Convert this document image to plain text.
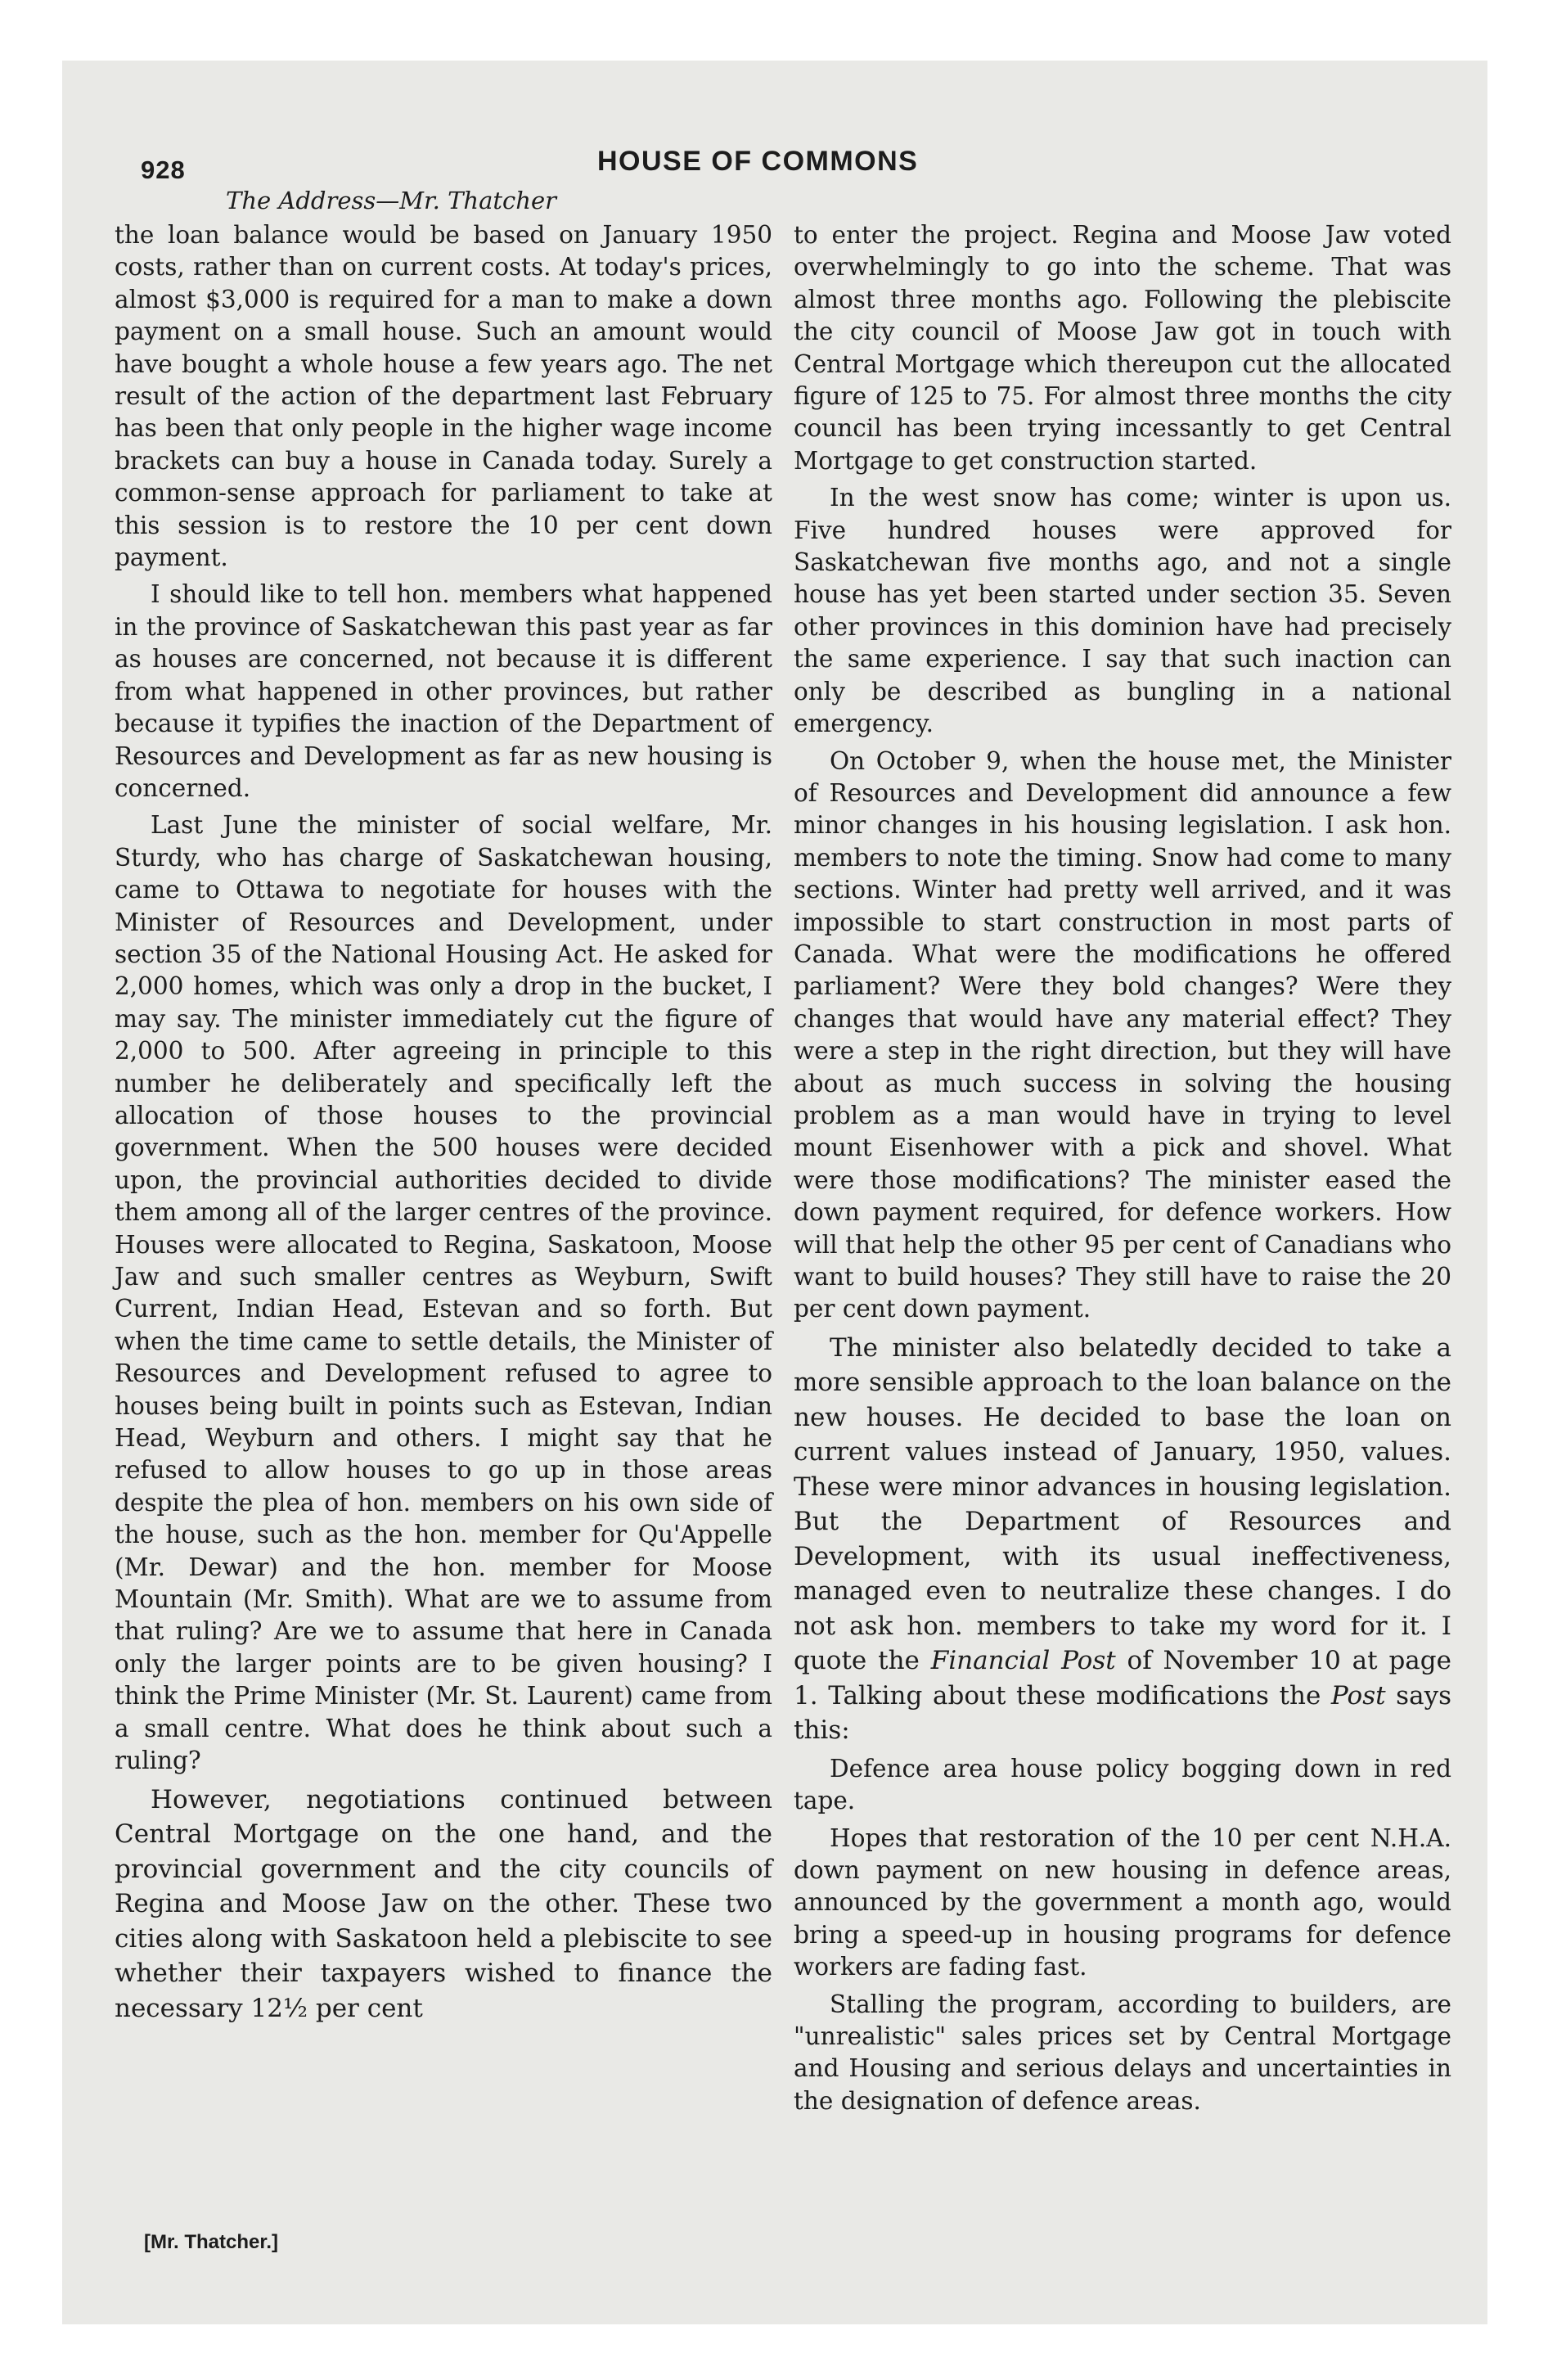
928	HOUSE OF COMMONS
The Address—Mr. Thatcher

the loan balance would be based on January 1950 costs, rather than on current costs. At today's prices, almost $3,000 is required for a man to make a down payment on a small house. Such an amount would have bought a whole house a few years ago. The net result of the action of the department last February has been that only people in the higher wage income brackets can buy a house in Canada today. Surely a common-sense approach for parliament to take at this session is to restore the 10 per cent down payment.

I should like to tell hon. members what happened in the province of Saskatchewan this past year as far as houses are concerned, not because it is different from what happened in other provinces, but rather because it typifies the inaction of the Department of Resources and Development as far as new housing is concerned.

Last June the minister of social welfare, Mr. Sturdy, who has charge of Saskatchewan housing, came to Ottawa to negotiate for houses with the Minister of Resources and Development, under section 35 of the National Housing Act. He asked for 2,000 homes, which was only a drop in the bucket, I may say. The minister immediately cut the figure of 2,000 to 500. After agreeing in principle to this number he deliberately and specifically left the allocation of those houses to the provincial government. When the 500 houses were decided upon, the provincial authorities decided to divide them among all of the larger centres of the province. Houses were allocated to Regina, Saskatoon, Moose Jaw and such smaller centres as Weyburn, Swift Current, Indian Head, Estevan and so forth. But when the time came to settle details, the Minister of Resources and Development refused to agree to houses being built in points such as Estevan, Indian Head, Weyburn and others. I might say that he refused to allow houses to go up in those areas despite the plea of hon. members on his own side of the house, such as the hon. member for Qu'Appelle (Mr. Dewar) and the hon. member for Moose Mountain (Mr. Smith). What are we to assume from that ruling? Are we to assume that here in Canada only the larger points are to be given housing? I think the Prime Minister (Mr. St. Laurent) came from a small centre. What does he think about such a ruling?

However, negotiations continued between Central Mortgage on the one hand, and the provincial government and the city councils of Regina and Moose Jaw on the other. These two cities along with Saskatoon held a plebiscite to see whether their taxpayers wished to finance the necessary 12½ per cent

to enter the project. Regina and Moose Jaw voted overwhelmingly to go into the scheme. That was almost three months ago. Following the plebiscite the city council of Moose Jaw got in touch with Central Mortgage which thereupon cut the allocated figure of 125 to 75. For almost three months the city council has been trying incessantly to get Central Mortgage to get construction started.

In the west snow has come; winter is upon us. Five hundred houses were approved for Saskatchewan five months ago, and not a single house has yet been started under section 35. Seven other provinces in this dominion have had precisely the same experience. I say that such inaction can only be described as bungling in a national emergency.

On October 9, when the house met, the Minister of Resources and Development did announce a few minor changes in his housing legislation. I ask hon. members to note the timing. Snow had come to many sections. Winter had pretty well arrived, and it was impossible to start construction in most parts of Canada. What were the modifications he offered parliament? Were they bold changes? Were they changes that would have any material effect? They were a step in the right direction, but they will have about as much success in solving the housing problem as a man would have in trying to level mount Eisenhower with a pick and shovel. What were those modifications? The minister eased the down payment required, for defence workers. How will that help the other 95 per cent of Canadians who want to build houses? They still have to raise the 20 per cent down payment.

The minister also belatedly decided to take a more sensible approach to the loan balance on the new houses. He decided to base the loan on current values instead of January, 1950, values. These were minor advances in housing legislation. But the Department of Resources and Development, with its usual ineffectiveness, managed even to neutralize these changes. I do not ask hon. members to take my word for it. I quote the Financial Post of November 10 at page 1. Talking about these modifications the Post says this:

Defence area house policy bogging down in red tape.

Hopes that restoration of the 10 per cent N.H.A. down payment on new housing in defence areas, announced by the government a month ago, would bring a speed-up in housing programs for defence workers are fading fast.

Stalling the program, according to builders, are "unrealistic" sales prices set by Central Mortgage and Housing and serious delays and uncertainties in the designation of defence areas.

[Mr. Thatcher.]
